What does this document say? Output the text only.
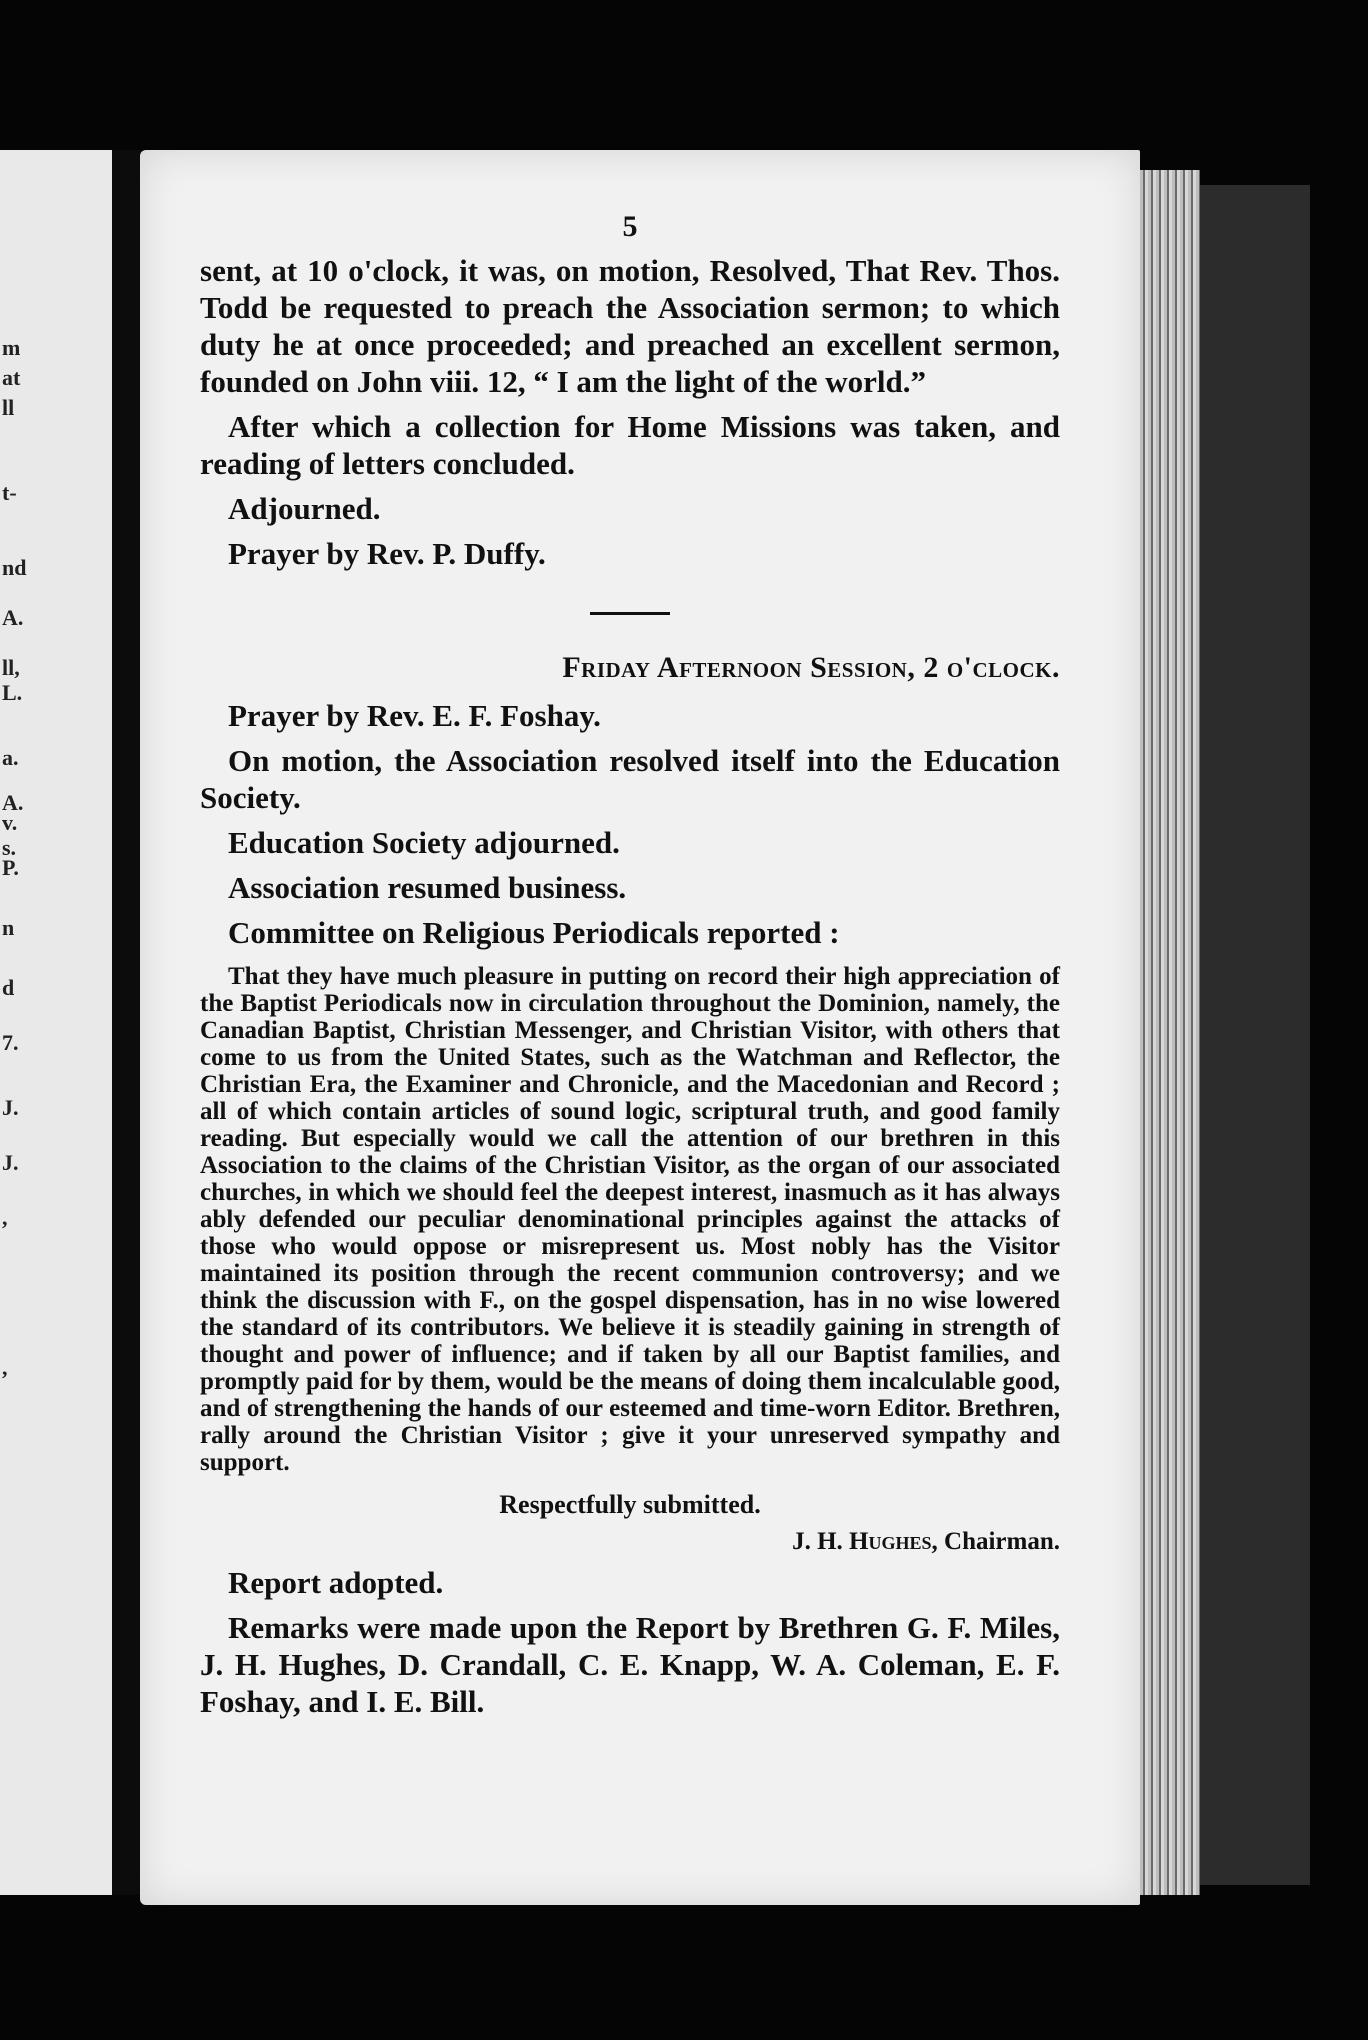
m
at
ll
t-
nd
A.
ll,
L.
a.
A.
v.
s.
P.
n
d
7.
J.
J.
,
,
5

sent, at 10 o'clock, it was, on motion, Resolved, That Rev. Thos. Todd be requested to preach the Association sermon; to which duty he at once proceeded; and preached an excellent sermon, founded on John viii. 12, “ I am the light of the world.”

After which a collection for Home Missions was taken, and reading of letters concluded.

Adjourned.

Prayer by Rev. P. Duffy.

Friday Afternoon Session, 2 o'clock.

Prayer by Rev. E. F. Foshay.

On motion, the Association resolved itself into the Education Society.

Education Society adjourned.

Association resumed business.

Committee on Religious Periodicals reported :

That they have much pleasure in putting on record their high appreciation of the Baptist Periodicals now in circulation throughout the Dominion, namely, the Canadian Baptist, Christian Messenger, and Christian Visitor, with others that come to us from the United States, such as the Watchman and Reflector, the Christian Era, the Examiner and Chronicle, and the Macedonian and Record ; all of which contain articles of sound logic, scriptural truth, and good family reading. But especially would we call the attention of our brethren in this Association to the claims of the Christian Visitor, as the organ of our associated churches, in which we should feel the deepest interest, inasmuch as it has always ably defended our peculiar denominational principles against the attacks of those who would oppose or misrepresent us. Most nobly has the Visitor maintained its position through the recent communion controversy; and we think the discussion with F., on the gospel dispensation, has in no wise lowered the standard of its contributors. We believe it is steadily gaining in strength of thought and power of influence; and if taken by all our Baptist families, and promptly paid for by them, would be the means of doing them incalculable good, and of strengthening the hands of our esteemed and time-worn Editor. Brethren, rally around the Christian Visitor ; give it your unreserved sympathy and support.

Respectfully submitted.

J. H. Hughes, Chairman.

Report adopted.

Remarks were made upon the Report by Brethren G. F. Miles, J. H. Hughes, D. Crandall, C. E. Knapp, W. A. Coleman, E. F. Foshay, and I. E. Bill.
